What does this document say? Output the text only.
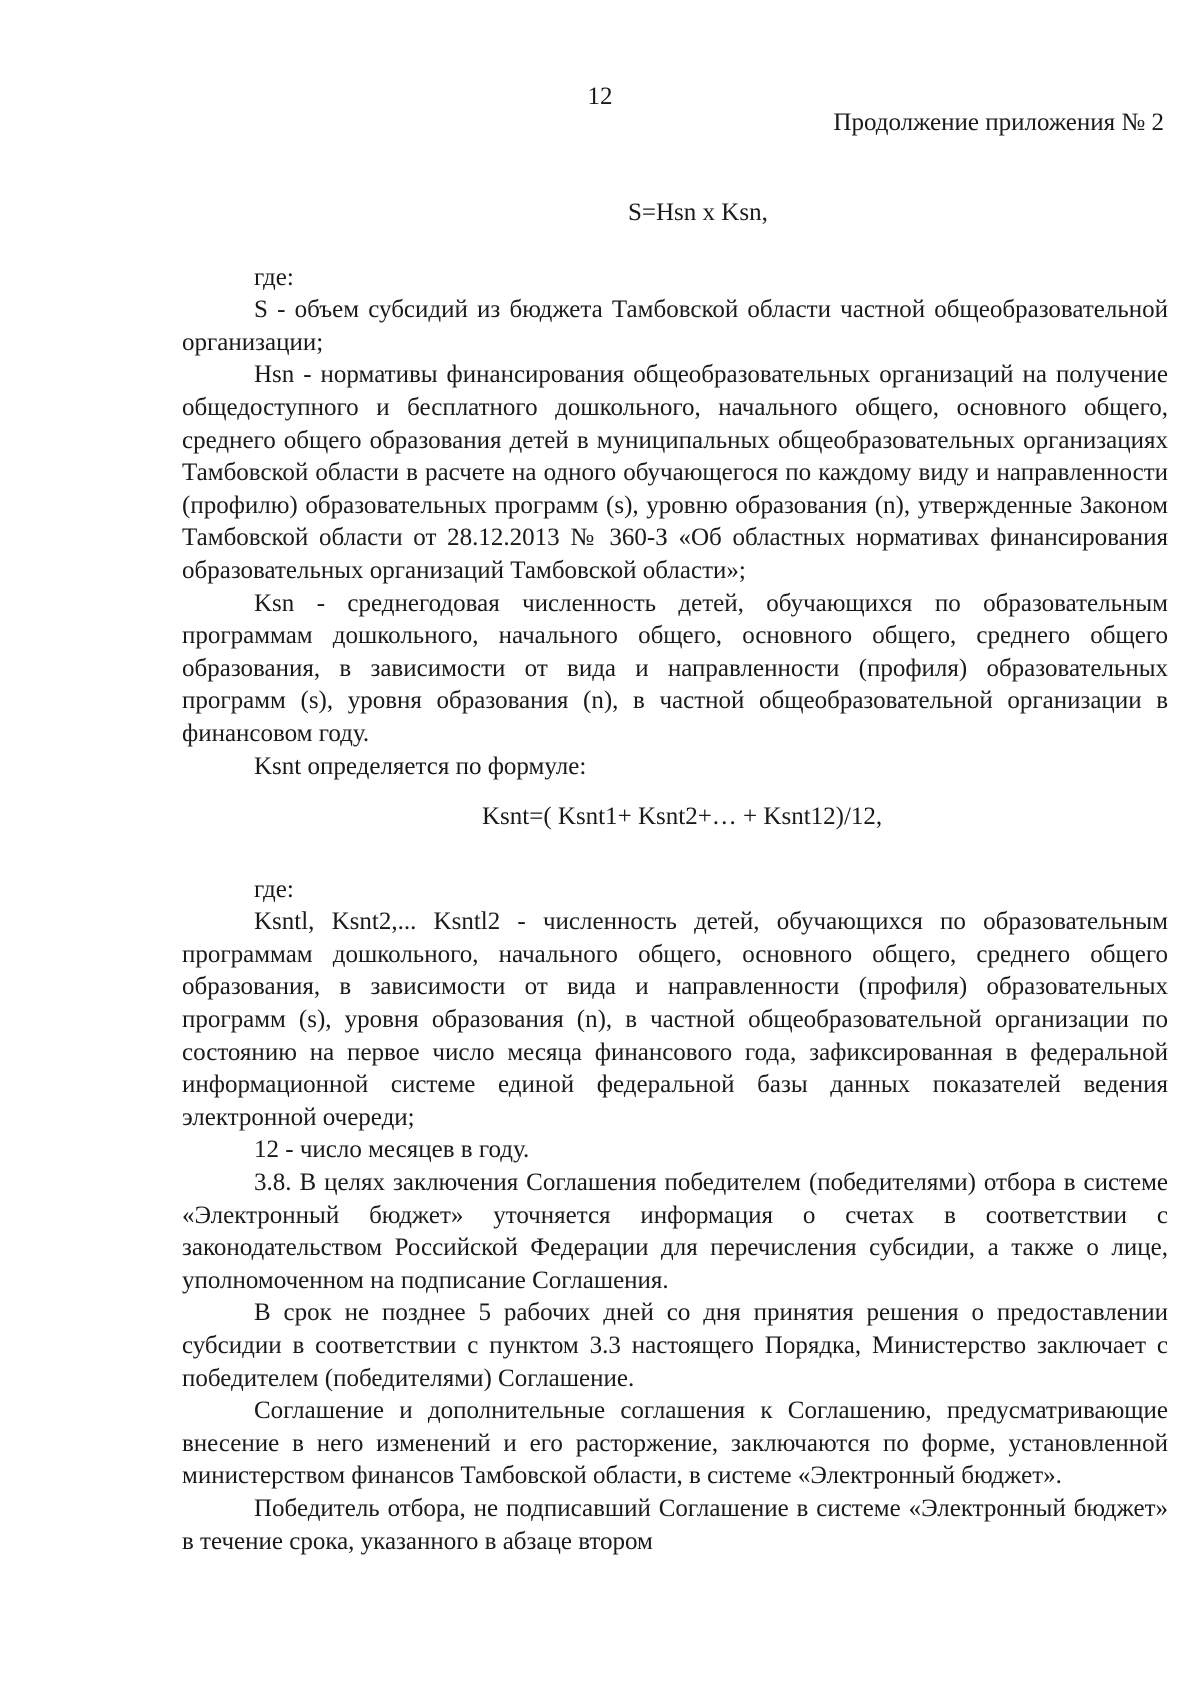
12

Продолжение приложения № 2

S=Hsn x Ksn,

где:

S - объем субсидий из бюджета Тамбовской области частной общеобразовательной организации;

Hsn - нормативы финансирования общеобразовательных организаций на получение общедоступного и бесплатного дошкольного, начального общего, основного общего, среднего общего образования детей в муниципальных общеобразовательных организациях Тамбовской области в расчете на одного обучающегося по каждому виду и направленности (профилю) образовательных программ (s), уровню образования (n), утвержденные Законом Тамбовской области от 28.12.2013 № 360-З «Об областных нормативах финансирования образовательных организаций Тамбовской области»;

Ksn - среднегодовая численность детей, обучающихся по образовательным программам дошкольного, начального общего, основного общего, среднего общего образования, в зависимости от вида и направленности (профиля) образовательных программ (s), уровня образования (n), в частной общеобразовательной организации в финансовом году.

Ksnt определяется по формуле:

Ksnt=( Ksnt1+ Ksnt2+… + Ksnt12)/12,

где:

Ksntl, Ksnt2,... Ksntl2 - численность детей, обучающихся по образовательным программам дошкольного, начального общего, основного общего, среднего общего образования, в зависимости от вида и направленности (профиля) образовательных программ (s), уровня образования (n), в частной общеобразовательной организации по состоянию на первое число месяца финансового года, зафиксированная в федеральной информационной системе единой федеральной базы данных показателей ведения электронной очереди;

12 - число месяцев в году.

3.8. В целях заключения Соглашения победителем (победителями) отбора в системе «Электронный бюджет» уточняется информация о счетах в соответствии с законодательством Российской Федерации для перечисления субсидии, а также о лице, уполномоченном на подписание Соглашения.

В срок не позднее 5 рабочих дней со дня принятия решения о предоставлении субсидии в соответствии с пунктом 3.3 настоящего Порядка, Министерство заключает с победителем (победителями) Соглашение.

Соглашение и дополнительные соглашения к Соглашению, предусматривающие внесение в него изменений и его расторжение, заключаются по форме, установленной министерством финансов Тамбовской области, в системе «Электронный бюджет».

Победитель отбора, не подписавший Соглашение в системе «Электронный бюджет» в течение срока, указанного в абзаце втором
